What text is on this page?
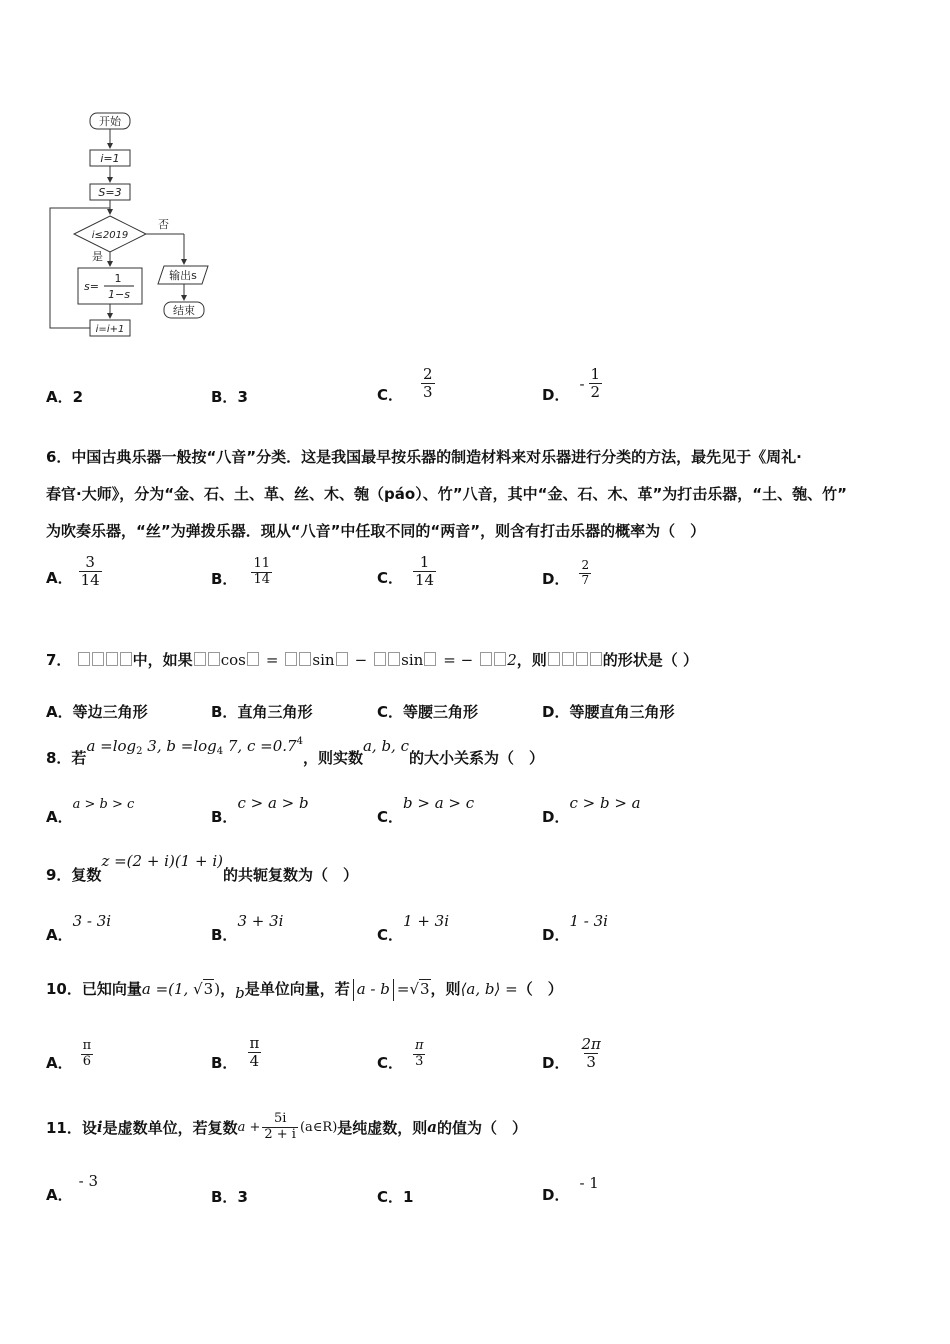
开始
i=1
S=3
i≤2019
否
是
s=
1
1−s
输出s
结束
i=i+1
A．2	B．3	C． $\frac{2}{3}$	D．
- $\frac{1}{2}$
6．中国古典乐器一般按“八音”分类．这是我国最早按乐器的制造材料来对乐器进行分类的方法，最先见于《周礼·
春官·大师》，分为“金、石、土、革、丝、木、匏（páo）、竹”八音，其中“金、石、木、革”为打击乐器，“土、匏、竹”
为吹奏乐器，“丝”为弹拨乐器．现从“八音”中任取不同的“两音”，则含有打击乐器的概率为（　）
A． $\frac{3}{14}$	B． $\frac{11}{14}$	C． $\frac{1}{14}$	D． $\frac{2}{7}$
7．	中，如果 cos = sin − sin = − 2，则	的形状是（ ）
A．等边三角形	B．直角三角形	C．等腰三角形	D．等腰直角三角形
8．若$a =\log_2$ 3, $b =\log_4$ 7, $c =0.7^4$，则实数a, b, c的大小关系为（　）
A．a > b > c
B．c > a > b
C．b > a > c
D．c > b > a
9．复数z =(2 + i)(1 + i)的共轭复数为（　）
A．3 - 3i
B．3 + 3i
C．1 + 3i
D．1 - 3i
10．已知向量a =(1, √3)，b是单位向量，若 a - b =√3，则⟨a, b⟩ =（　）
A． $\frac{\pi}{6}$	B． $\frac{\pi}{4}$	C． $\frac{\pi}{3}$	D． $\frac{2\pi}{3}$
11．设 i 是虚数单位，若复数 $a + \frac{5i}{2 + i}$ (a∈R) 是纯虚数，则 a 的值为（　）
A．- 3
B．3	C．1	D．- 1
